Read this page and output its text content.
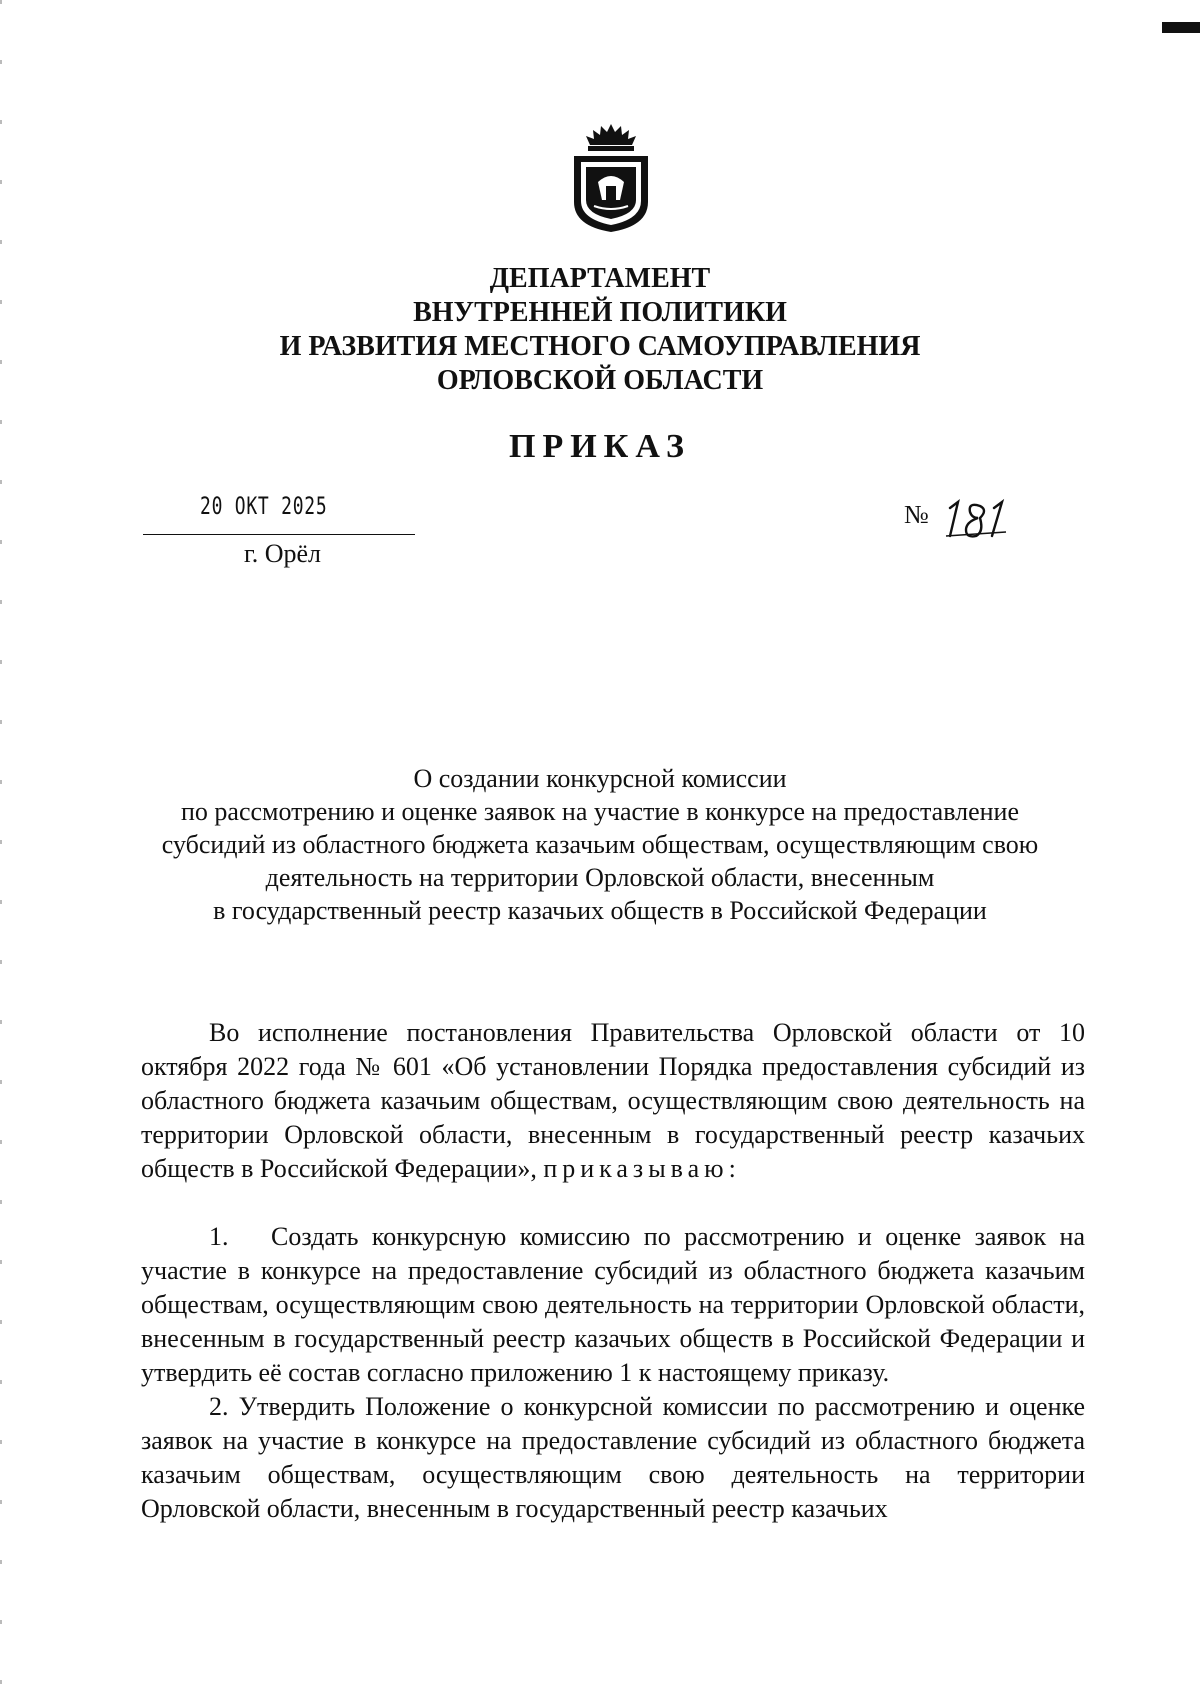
ДЕПАРТАМЕНТ
ВНУТРЕННЕЙ ПОЛИТИКИ
И РАЗВИТИЯ МЕСТНОГО САМОУПРАВЛЕНИЯ
ОРЛОВСКОЙ ОБЛАСТИ
ПРИКАЗ
20 ОКТ 2025
г. Орёл
№
О создании конкурсной комиссии
по рассмотрению и оценке заявок на участие в конкурсе на предоставление
субсидий из областного бюджета казачьим обществам, осуществляющим свою
деятельность на территории Орловской области, внесенным
в государственный реестр казачьих обществ в Российской Федерации

Во исполнение постановления Правительства Орловской области от 10 октября 2022 года № 601 «Об установлении Порядка предоставления субсидий из областного бюджета казачьим обществам, осуществляющим свою деятельность на территории Орловской области, внесенным в государственный реестр казачьих обществ в Российской Федерации», приказываю:

1. Создать конкурсную комиссию по рассмотрению и оценке заявок на участие в конкурсе на предоставление субсидий из областного бюджета казачьим обществам, осуществляющим свою деятельность на территории Орловской области, внесенным в государственный реестр казачьих обществ в Российской Федерации и утвердить её состав согласно приложению 1 к настоящему приказу.

2. Утвердить Положение о конкурсной комиссии по рассмотрению и оценке заявок на участие в конкурсе на предоставление субсидий из областного бюджета казачьим обществам, осуществляющим свою деятельность на территории Орловской области, внесенным в государственный реестр казачьих
